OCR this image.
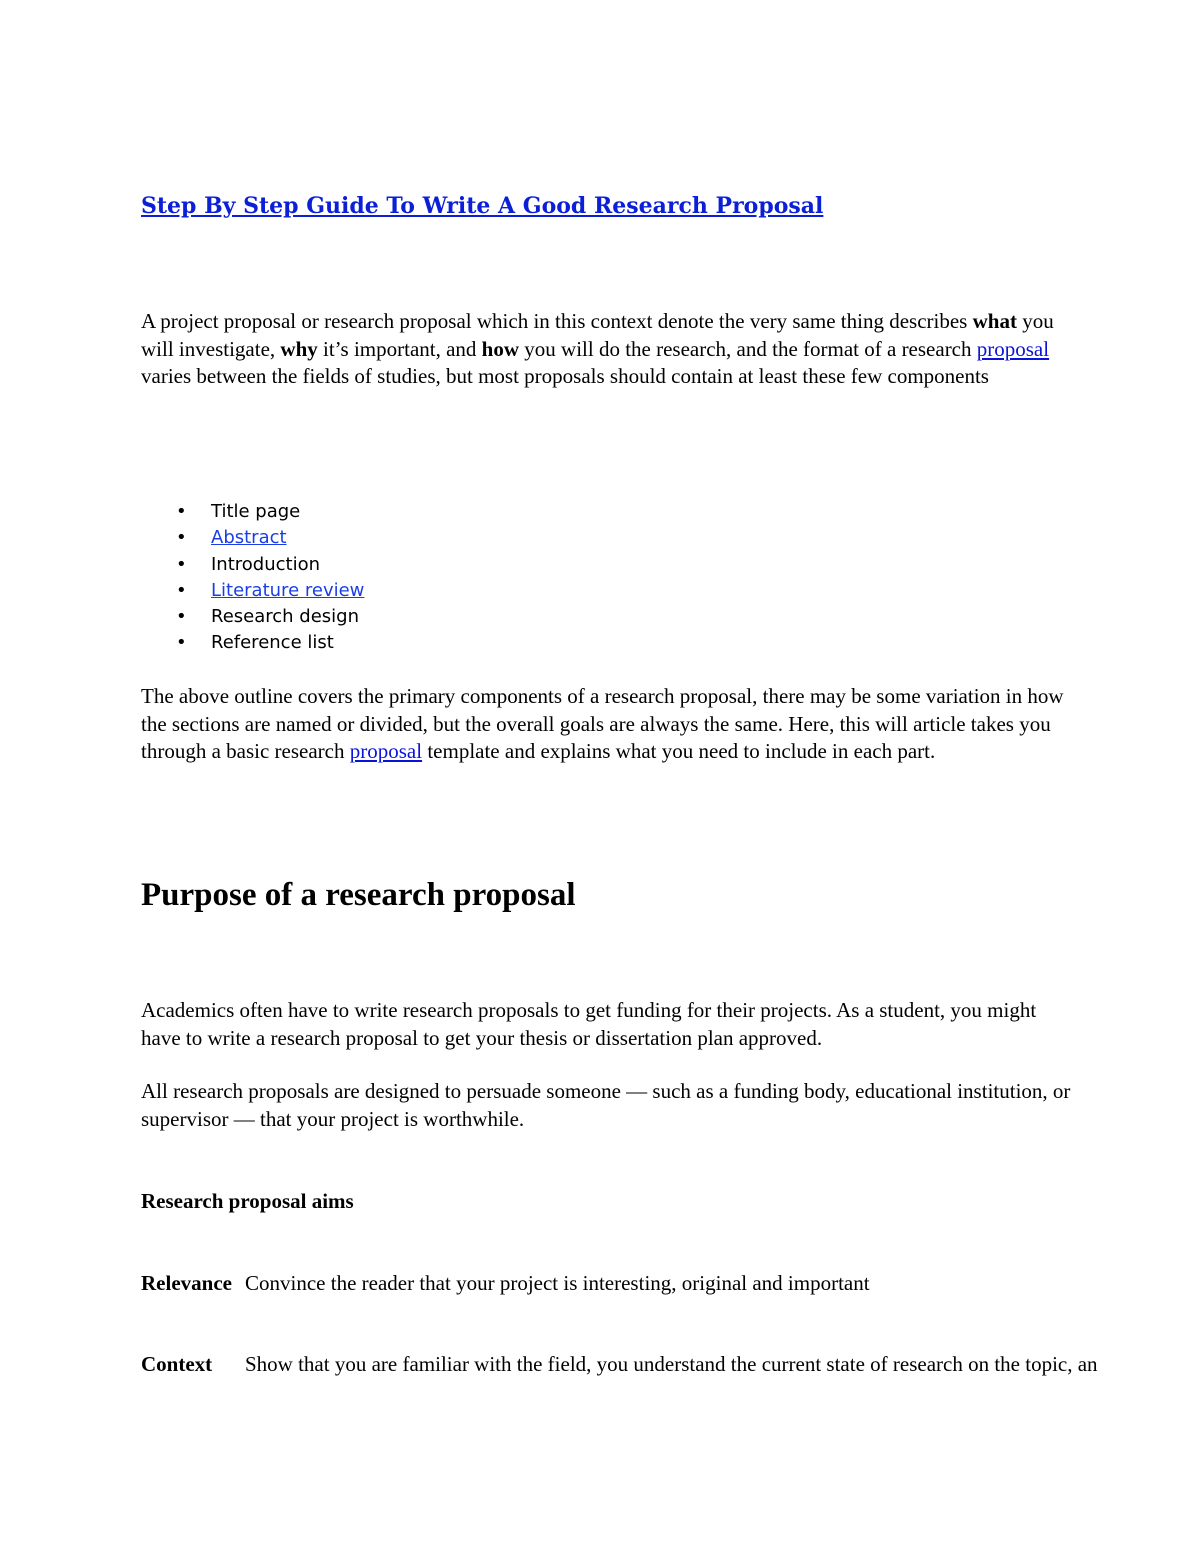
Step By Step Guide To Write A Good Research Proposal

A project proposal or research proposal which in this context denote the very same thing describes what you will investigate, why it’s important, and how you will do the research, and the format of a research proposal varies between the fields of studies, but most proposals should contain at least these few components

• Title page
• Abstract
• Introduction
• Literature review
• Research design
• Reference list

The above outline covers the primary components of a research proposal, there may be some variation in how the sections are named or divided, but the overall goals are always the same. Here, this will article takes you through a basic research proposal template and explains what you need to include in each part.

Purpose of a research proposal

Academics often have to write research proposals to get funding for their projects. As a student, you might have to write a research proposal to get your thesis or dissertation plan approved.

All research proposals are designed to persuade someone — such as a funding body, educational institution, or supervisor — that your project is worthwhile.

Research proposal aims

Relevance Convince the reader that your project is interesting, original and important

Context Show that you are familiar with the field, you understand the current state of research on the topic, an
